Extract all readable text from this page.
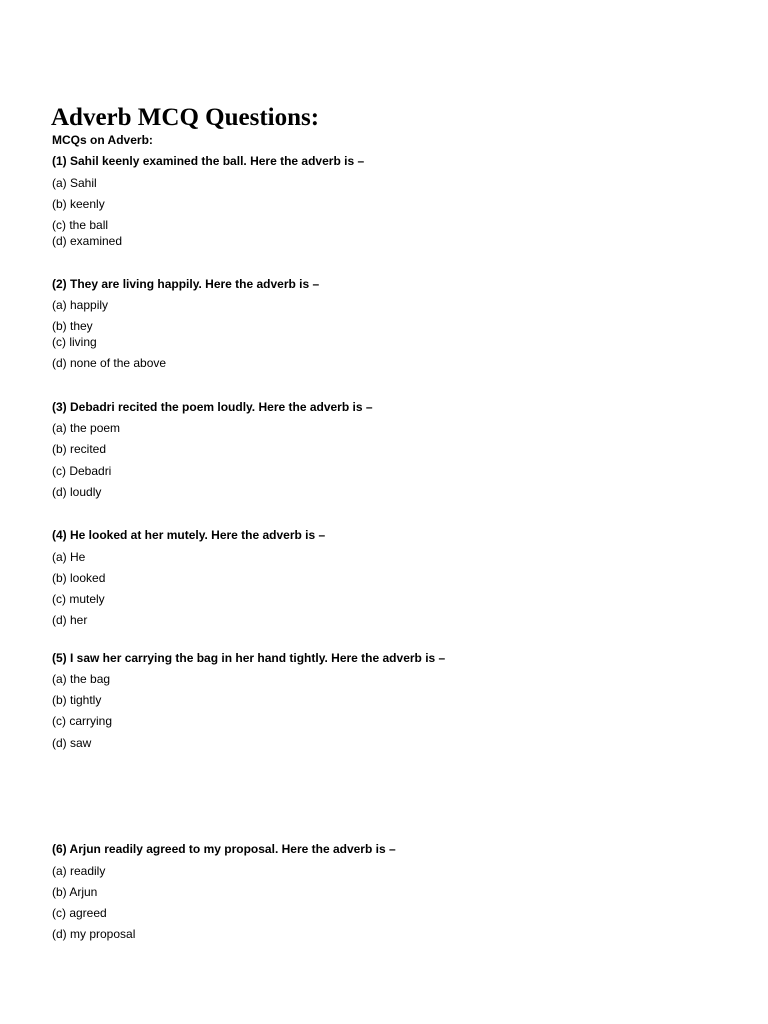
Adverb MCQ Questions:
MCQs on Adverb:
(1) Sahil keenly examined the ball. Here the adverb is –
(a) Sahil
(b) keenly
(c) the ball
(d) examined
(2) They are living happily. Here the adverb is –
(a) happily
(b) they
(c) living
(d) none of the above
(3) Debadri recited the poem loudly. Here the adverb is –
(a) the poem
(b) recited
(c) Debadri
(d) loudly
(4) He looked at her mutely. Here the adverb is –
(a) He
(b) looked
(c) mutely
(d) her
(5) I saw her carrying the bag in her hand tightly. Here the adverb is –
(a) the bag
(b) tightly
(c) carrying
(d) saw
(6) Arjun readily agreed to my proposal. Here the adverb is –
(a) readily
(b) Arjun
(c) agreed
(d) my proposal
